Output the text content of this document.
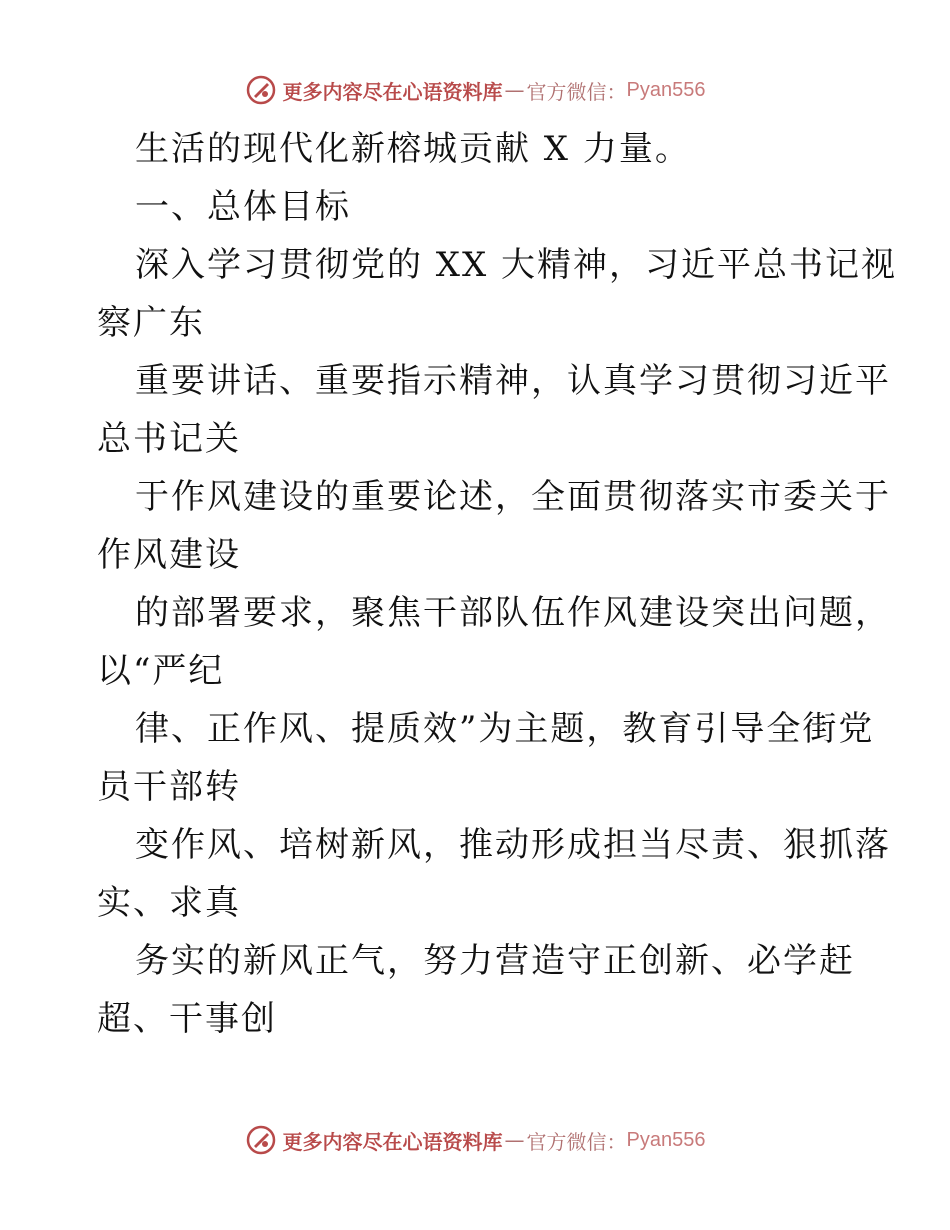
更多内容尽在心语资料库 — 官方微信： Pyan556
生活的现代化新榕城贡献 X 力量。
一、总体目标
深入学习贯彻党的 XX 大精神，习近平总书记视
察广东
重要讲话、重要指示精神，认真学习贯彻习近平
总书记关
于作风建设的重要论述，全面贯彻落实市委关于
作风建设
的部署要求，聚焦干部队伍作风建设突出问题，
以“严纪
律、正作风、提质效”为主题，教育引导全街党
员干部转
变作风、培树新风，推动形成担当尽责、狠抓落
实、求真
务实的新风正气，努力营造守正创新、必学赶
超、干事创
更多内容尽在心语资料库 — 官方微信： Pyan556
